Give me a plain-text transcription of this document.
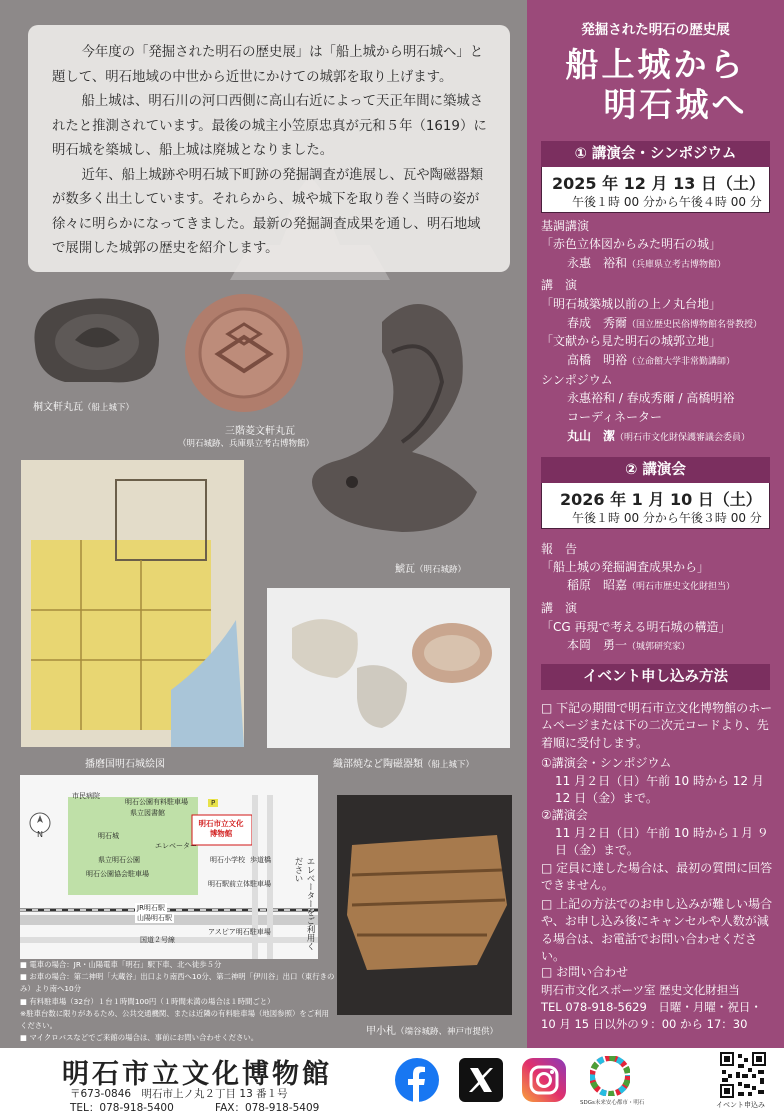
今年度の「発掘された明石の歴史展」は「船上城から明石城へ」と題して、明石地域の中世から近世にかけての城郭を取り上げます。

船上城は、明石川の河口西側に高山右近によって天正年間に築城されたと推測されています。最後の城主小笠原忠真が元和５年（1619）に明石城を築城し、船上城は廃城となりました。

近年、船上城跡や明石城下町跡の発掘調査が進展し、瓦や陶磁器類が数多く出土しています。それらから、城や城下を取り巻く当時の姿が徐々に明らかになってきました。最新の発掘調査成果を通し、明石地域で展開した城郭の歴史を紹介します。

桐文軒丸瓦（船上城下）
三階菱文軒丸瓦
（明石城跡、兵庫県立考古博物館）
鯱瓦（明石城跡）
播磨国明石城絵図	織部焼など陶磁器類（船上城下）
N
市民病院
明石公園有料駐車場	P
県立図書館
明石城
県立明石公園
明石市立文化博物館
エレベーター
明石小学校 歩道橋
明石公園協会駐車場
明石駅前立体駐車場
JR明石駅
山陽明石駅
国道２号線
アスピア明石駐車場	エレベーターをご利用ください
■ 電車の場合：JR・山陽電車「明石」駅下車、北へ徒歩５分
■ お車の場合：第二神明「大蔵谷」出口より南西へ10分、第二神明「伊川谷」出口（東行きのみ）より南へ10分
■ 有料駐車場（32台）１台１時間100円（１時間未満の場合は１時間ごと）
※駐車台数に限りがあるため、公共交通機関、または近隣の有料駐車場（地図参照）をご利用ください。
■ マイクロバスなどでご来館の場合は、事前にお問い合わせください。
甲小札（端谷城跡、神戸市提供）
発掘された明石の歴史展
船上城から
明石城へ
① 講演会・シンポジウム
2025 年 12 月 13 日（土）
午後１時 00 分から午後４時 00 分
基調講演
「赤色立体図からみた明石の城」
永惠　裕和（兵庫県立考古博物館）
講　演
「明石城築城以前の上ノ丸台地」
春成　秀爾（国立歴史民俗博物館名誉教授）
「文献から見た明石の城郭立地」
高橋　明裕（立命館大学非常勤講師）
シンポジウム
永惠裕和 / 春成秀爾 / 高橋明裕
コーディネーター
丸山　潔（明石市文化財保護審議会委員）
② 講演会
2026 年 1 月 10 日（土）
午後１時 00 分から午後３時 00 分
報　告
「船上城の発掘調査成果から」
稲原　昭嘉（明石市歴史文化財担当）
講　演
「CG 再現で考える明石城の構造」
本岡　勇一（城郭研究家）
イベント申し込み方法
□ 下記の期間で明石市立文化博物館のホームページまたは下の二次元コードより、先着順に受付します。
①講演会・シンポジウム
11 月２日（日）午前 10 時から 12 月 12 日（金）まで。
②講演会
11 月２日（日）午前 10 時から１月 ９日（金）まで。
□ 定員に達した場合は、最初の質問に回答できません。
□ 上記の方法でのお申し込みが難しい場合や、お申し込み後にキャンセルや人数が減る場合は、お電話でお問い合わせください。
□ お問い合わせ
明石市文化スポーツ室 歴史文化財担当
TEL 078-918-5629　日曜・月曜・祝日・
10 月 15 日以外の９：00 から 17：30
明石市立文化博物館
〒673-0846　明石市上ノ丸２丁目 13 番１号
TEL：078-918-5400	FAX：078-918-5409	SDGs未来安心都市・明石	イベント申込み
